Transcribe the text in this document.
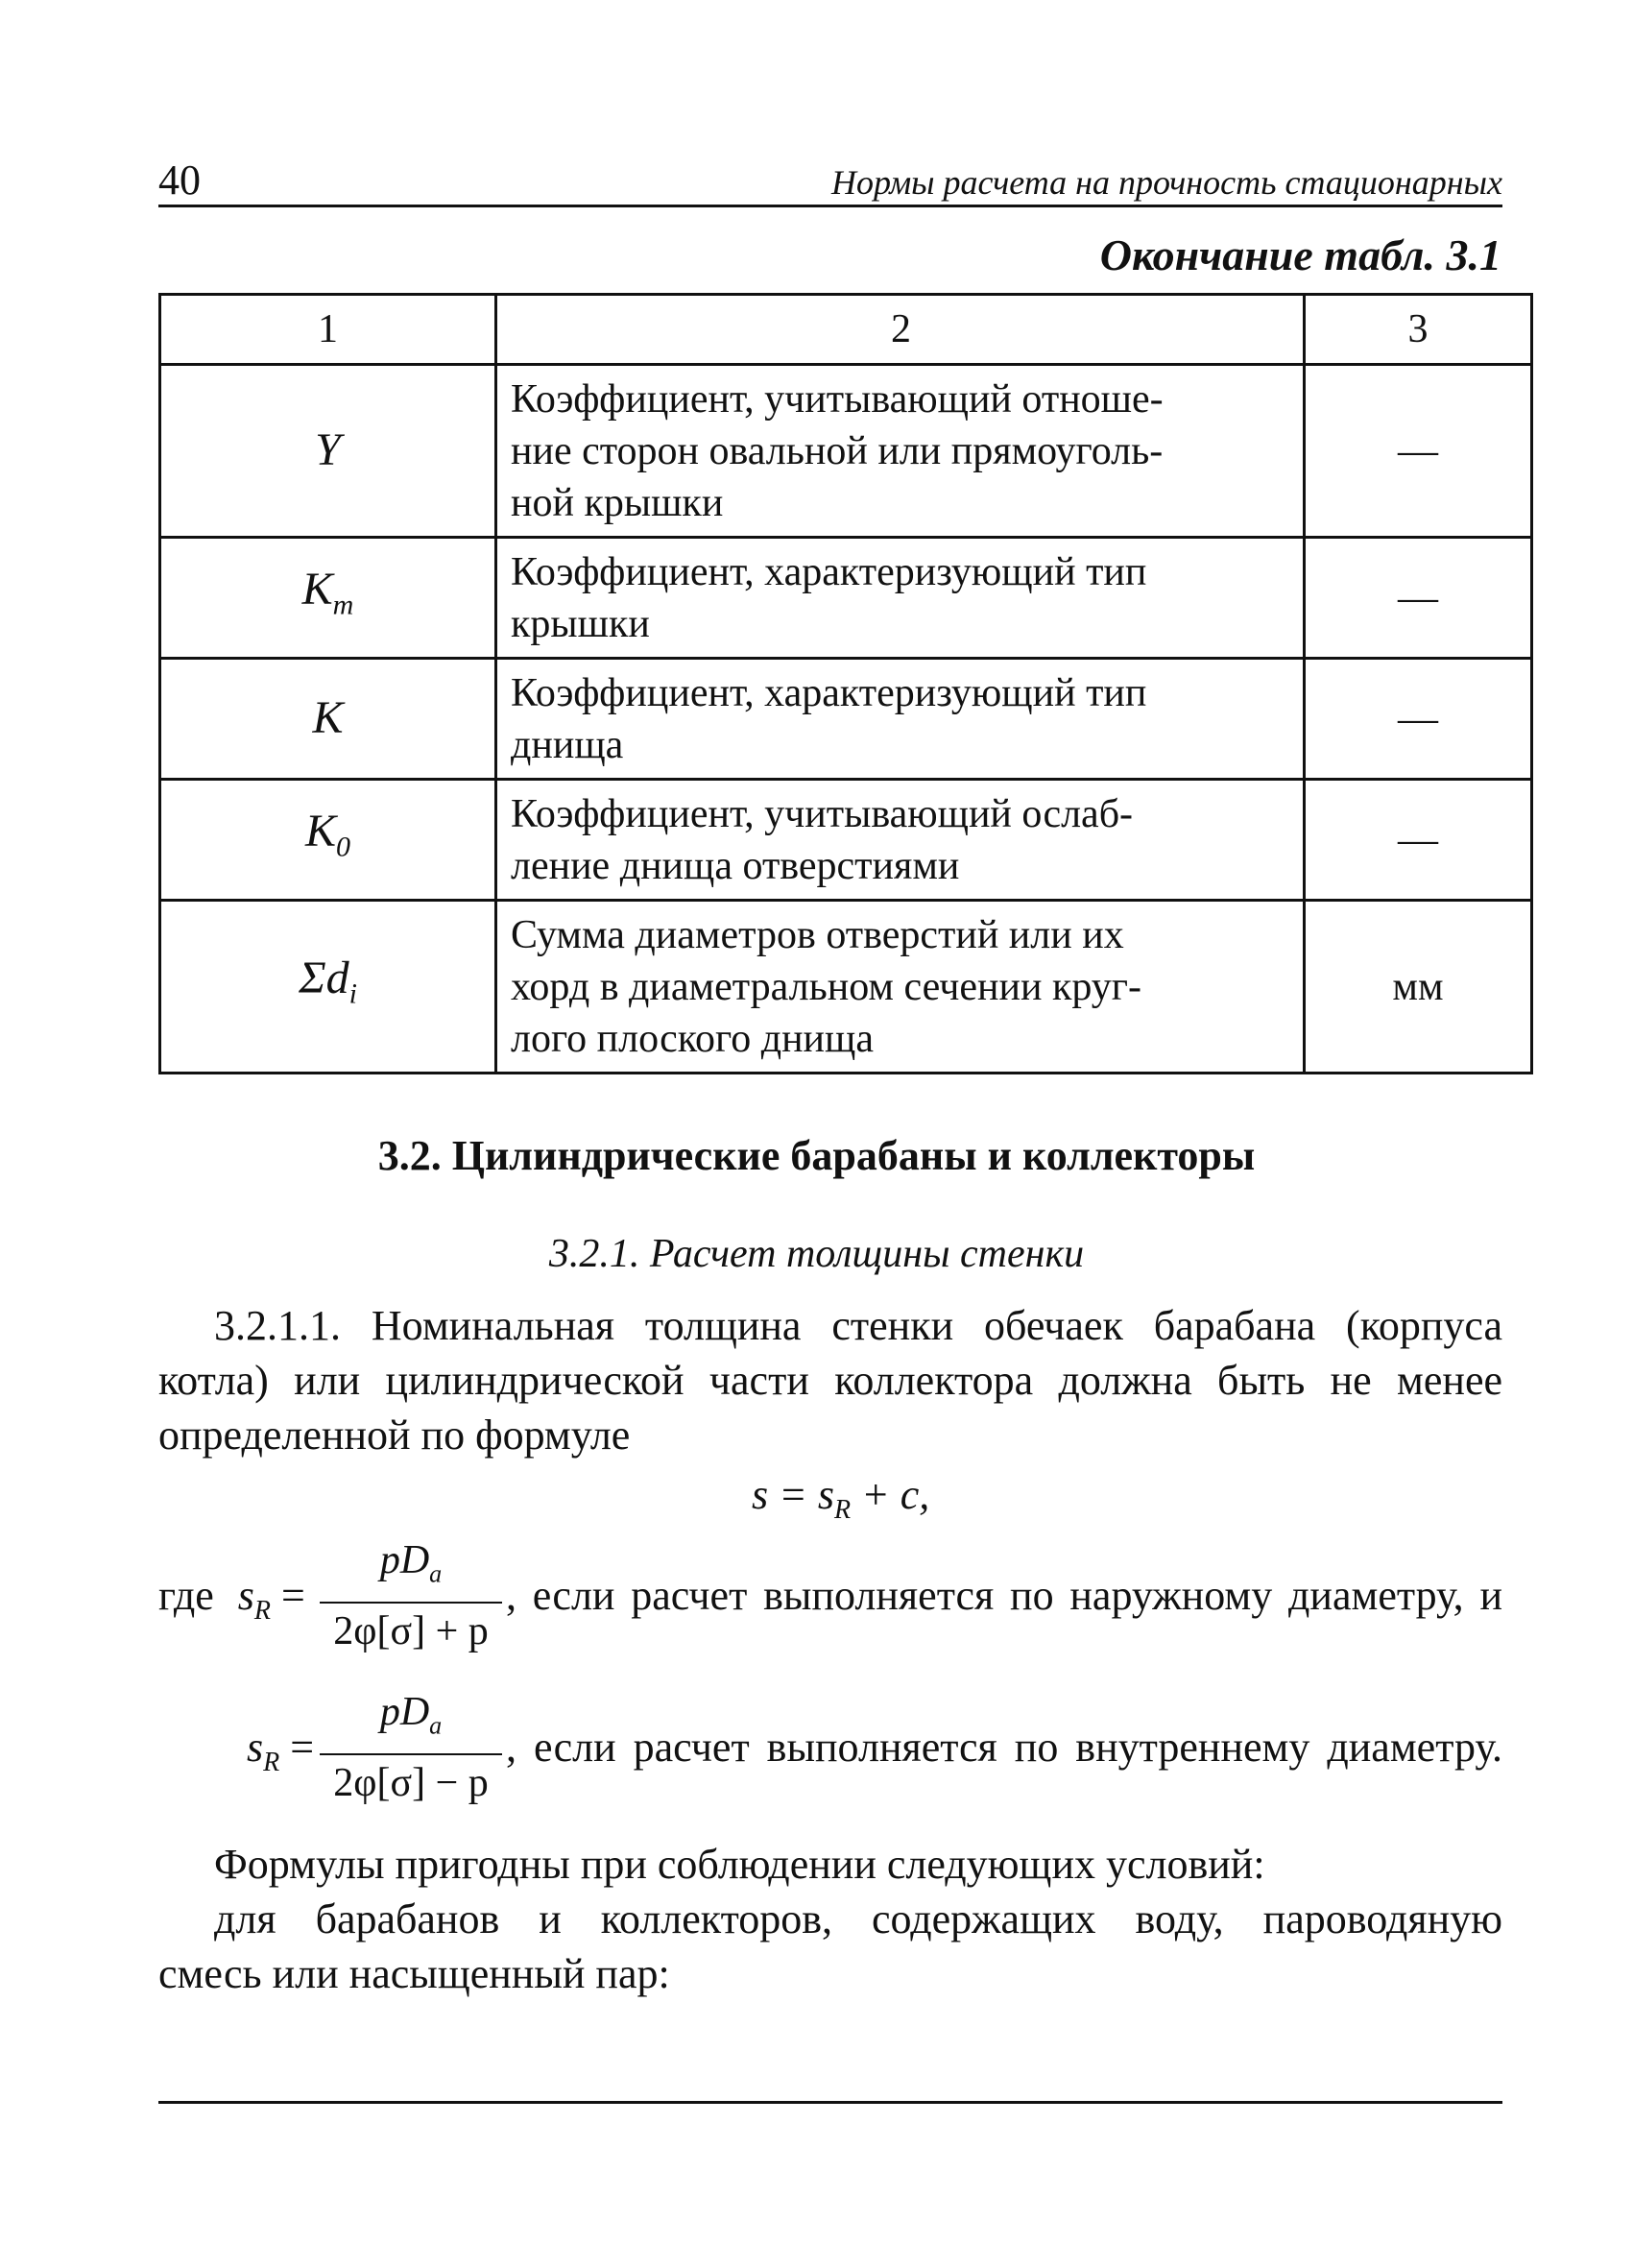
40	Нормы расчета на прочность стационарных
Окончание табл. 3.1
1	2	3
Y	Коэффициент, учитывающий отноше-
ние сторон овальной или прямоуголь-
ной крышки	—
$K_m$	Коэффициент, характеризующий тип
крышки	—
K	Коэффициент, характеризующий тип
днища	—
$K_0$	Коэффициент, учитывающий ослаб-
ление днища отверстиями	—
$\Sigma d_i$	Сумма диаметров отверстий или их
хорд в диаметральном сечении круг-
лого плоского днища	мм
3.2. Цилиндрические барабаны и коллекторы
3.2.1. Расчет толщины стенки
3.2.1.1. Номинальная толщина стенки обечаек барабана (корпуса
котла) или цилиндрической части коллектора должна быть не менее
определенной по формуле
$s = s_R + c$,
где $s_R$ =
$pD_a$
2φ[σ] + p
, если расчет выполняется по наружному диаметру, и
$s_R$ =
$pD_a$
2φ[σ] − p
, если расчет выполняется по внутреннему диаметру.
Формулы пригодны при соблюдении следующих условий:
для барабанов и коллекторов, содержащих воду, пароводяную
смесь или насыщенный пар:
